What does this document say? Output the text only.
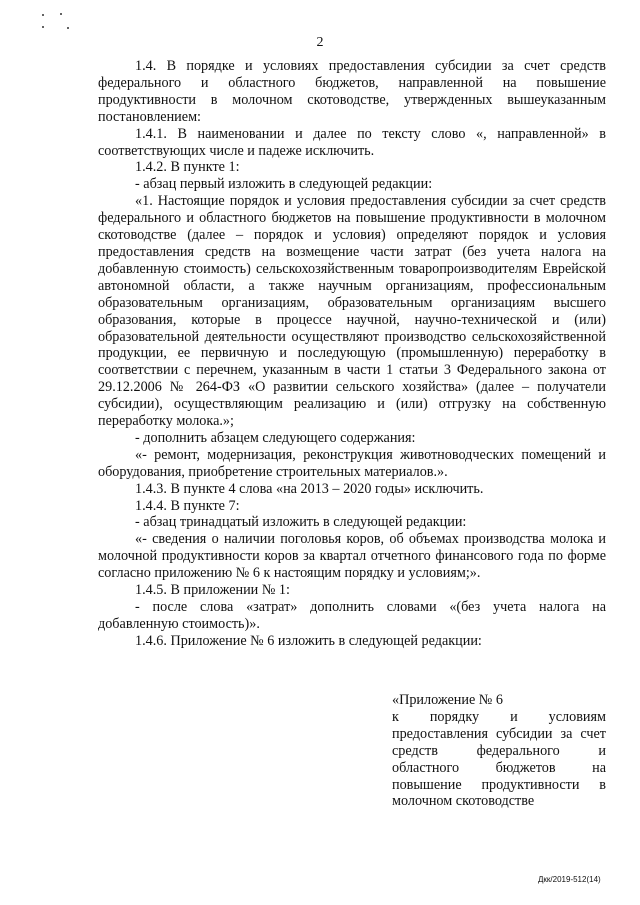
2

1.4. В порядке и условиях предоставления субсидии за счет средств федерального и областного бюджетов, направленной на повышение продуктивности в молочном скотоводстве, утвержденных вышеуказанным постановлением:

1.4.1. В наименовании и далее по тексту слово «, направленной» в соответствующих числе и падеже исключить.

1.4.2. В пункте 1:

- абзац первый изложить в следующей редакции:

«1. Настоящие порядок и условия предоставления субсидии за счет средств федерального и областного бюджетов на повышение продуктивности в молочном скотоводстве (далее – порядок и условия) определяют порядок и условия предоставления средств на возмещение части затрат (без учета налога на добавленную стоимость) сельскохозяйственным товаропроизводителям Еврейской автономной области, а также научным организациям, профессиональным образовательным организациям, образовательным организациям высшего образования, которые в процессе научной, научно-технической и (или) образовательной деятельности осуществляют производство сельскохозяйственной продукции, ее первичную и последующую (промышленную) переработку в соответствии с перечнем, указанным в части 1 статьи 3 Федерального закона от 29.12.2006 № 264-ФЗ «О развитии сельского хозяйства» (далее – получатели субсидии), осуществляющим реализацию и (или) отгрузку на собственную переработку молока.»;

- дополнить абзацем следующего содержания:

«- ремонт, модернизация, реконструкция животноводческих помещений и оборудования, приобретение строительных материалов.».

1.4.3. В пункте 4 слова «на 2013 – 2020 годы» исключить.

1.4.4. В пункте 7:

- абзац тринадцатый изложить в следующей редакции:

«- сведения о наличии поголовья коров, об объемах производства молока и молочной продуктивности коров за квартал отчетного финансового года по форме согласно приложению № 6 к настоящим порядку и условиям;».

1.4.5. В приложении № 1:

- после слова «затрат» дополнить словами «(без учета налога на добавленную стоимость)».

1.4.6. Приложение № 6 изложить в следующей редакции:

«Приложение № 6

к порядку и условиям предоставления субсидии за счет средств федерального и областного бюджетов на повышение продуктивности в молочном скотоводстве

Дкк/2019-512(14)
